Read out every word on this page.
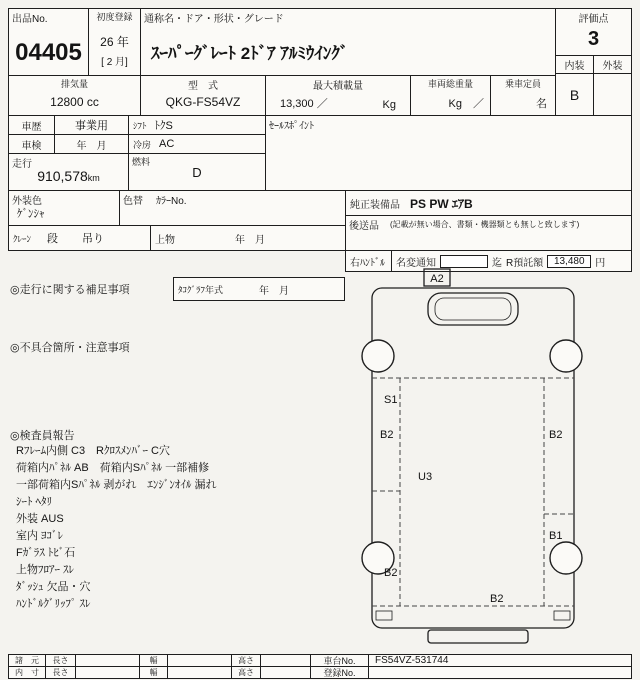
出品No.
04405
初度登録
26 年
[ 2 月]
通称名・ドア・形状・グレード
ｽｰﾊﾟｰｸﾞﾚｰﾄ 2ﾄﾞｱ ｱﾙﾐｳｲﾝｸﾞ
評価点
3
内装	外装
B
排気量
12800 cc
型　式
QKG-FS54VZ
最大積載量
13,300 ／	Kg
車両総重量
Kg　／
乗車定員
名
車歴	事業用	ｼﾌﾄ ﾄｸS
車検	年　月	冷房 AC
走行
910,578km
燃料
D
外装色
ｹﾞﾝｼｬ
色替 ｶﾗｰNo.
ｸﾚｰﾝ 段 吊り	上物	年　月
ｾｰﾙｽﾎﾟｲﾝﾄ
純正装備品 PS PW ｴｱB
後送品 (記載が無い場合、書類・機器類とも無しと致します)
右ﾊﾝﾄﾞﾙ	名変通知	迄 R預託額	13,480	円
◎走行に関する補足事項	ﾀｺｸﾞﾗﾌ年式	年　月
◎不具合箇所・注意事項
◎検査員報告
Rﾌﾚｰﾑ内側 C3　Rｸﾛｽﾒﾝﾊﾞｰ C穴
荷箱内ﾊﾟﾈﾙ AB　荷箱内Sﾊﾟﾈﾙ 一部補修
一部荷箱内Sﾊﾟﾈﾙ 剥がれ　ｴﾝｼﾞﾝｵｲﾙ 漏れ
ｼｰﾄ ﾍﾀﾘ
外装 AUS
室内 ﾖｺﾞﾚ
Fｶﾞﾗｽ ﾄﾋﾞ石
上物ﾌﾛｱｰ ｽﾚ
ﾀﾞｯｼｭ 欠品・穴
ﾊﾝﾄﾞﾙｸﾞﾘｯﾌﾟ ｽﾚ
A2
S1
B2	B2
U3
B1
B2
B2
諸　元	長さ	幅	高さ	車台No.	FS54VZ-531744
内　寸	長さ	幅	高さ	登録No.
